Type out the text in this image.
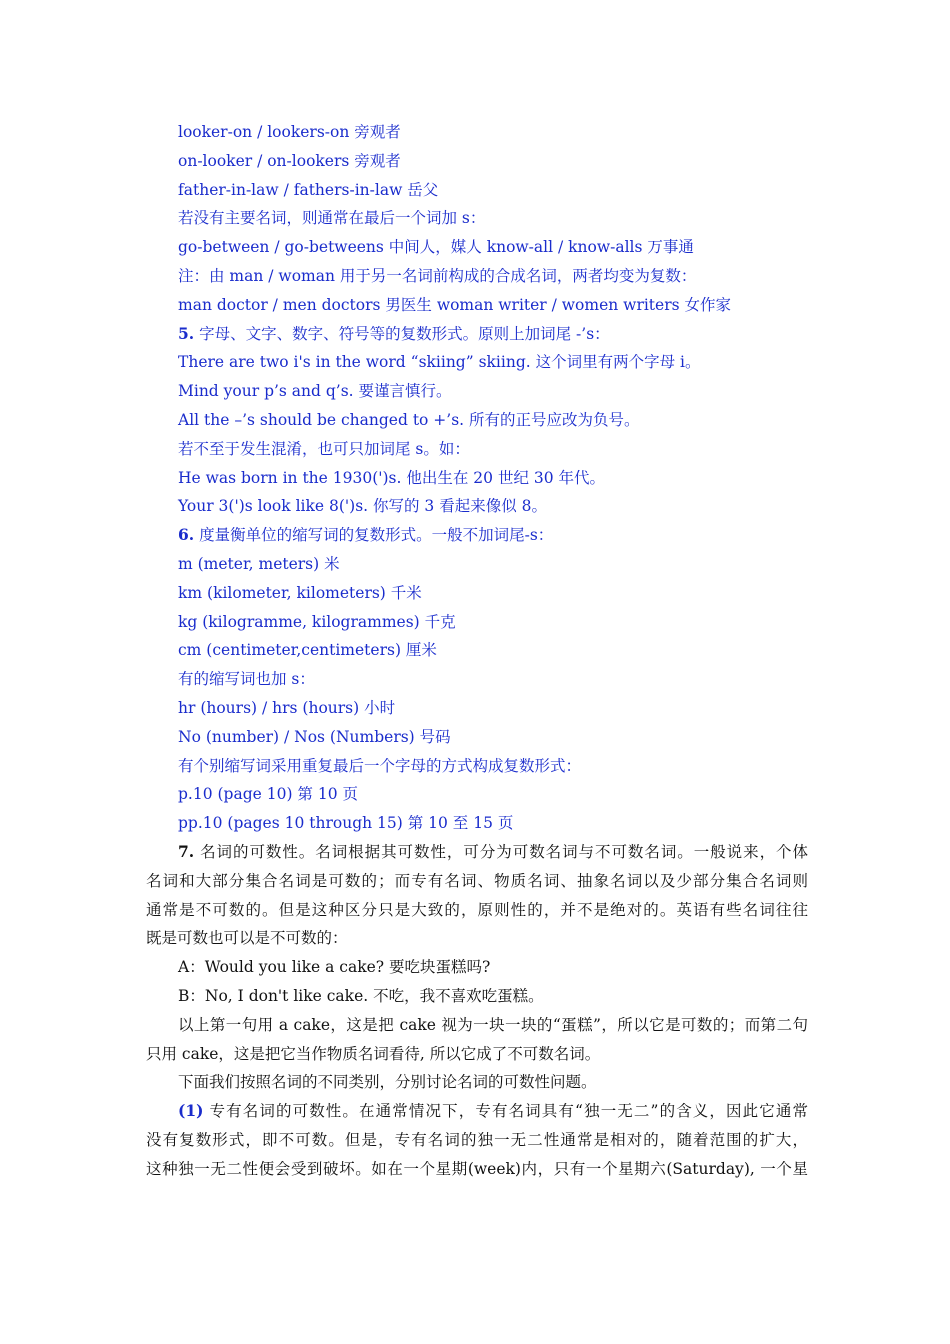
looker-on / lookers-on 旁观者
on-looker / on-lookers 旁观者
father-in-law / fathers-in-law 岳父
若没有主要名词，则通常在最后一个词加 s：
go-between / go-betweens 中间人，媒人 know-all / know-alls 万事通
注：由 man / woman 用于另一名词前构成的合成名词，两者均变为复数：
man doctor / men doctors 男医生 woman writer / women writers 女作家
5. 字母、文字、数字、符号等的复数形式。原则上加词尾 -’s：
There are two i's in the word “skiing” skiing. 这个词里有两个字母 i。
Mind your p’s and q’s. 要谨言慎行。
All the –’s should be changed to +’s. 所有的正号应改为负号。
若不至于发生混淆，也可只加词尾 s。如：
He was born in the 1930(')s. 他出生在 20 世纪 30 年代。
Your 3(')s look like 8(')s. 你写的 3 看起来像似 8。
6. 度量衡单位的缩写词的复数形式。一般不加词尾-s：
m (meter, meters) 米
km (kilometer, kilometers) 千米
kg (kilogramme, kilogrammes) 千克
cm (centimeter,centimeters) 厘米
有的缩写词也加 s：
hr (hours) / hrs (hours) 小时
No (number) / Nos (Numbers) 号码
有个别缩写词采用重复最后一个字母的方式构成复数形式：
p.10 (page 10) 第 10 页
pp.10 (pages 10 through 15) 第 10 至 15 页
7. 名词的可数性。名词根据其可数性，可分为可数名词与不可数名词。一般说来，个体
名词和大部分集合名词是可数的；而专有名词、物质名词、抽象名词以及少部分集合名词则
通常是不可数的。但是这种区分只是大致的，原则性的，并不是绝对的。英语有些名词往往
既是可数也可以是不可数的：
A：Would you like a cake? 要吃块蛋糕吗?
B：No, I don't like cake. 不吃，我不喜欢吃蛋糕。
以上第一句用 a cake，这是把 cake 视为一块一块的“蛋糕”，所以它是可数的；而第二句
只用 cake，这是把它当作物质名词看待, 所以它成了不可数名词。
下面我们按照名词的不同类别，分别讨论名词的可数性问题。
(1) 专有名词的可数性。在通常情况下，专有名词具有“独一无二”的含义，因此它通常
没有复数形式，即不可数。但是，专有名词的独一无二性通常是相对的，随着范围的扩大，
这种独一无二性便会受到破坏。如在一个星期(week)内，只有一个星期六(Saturday), 一个星
